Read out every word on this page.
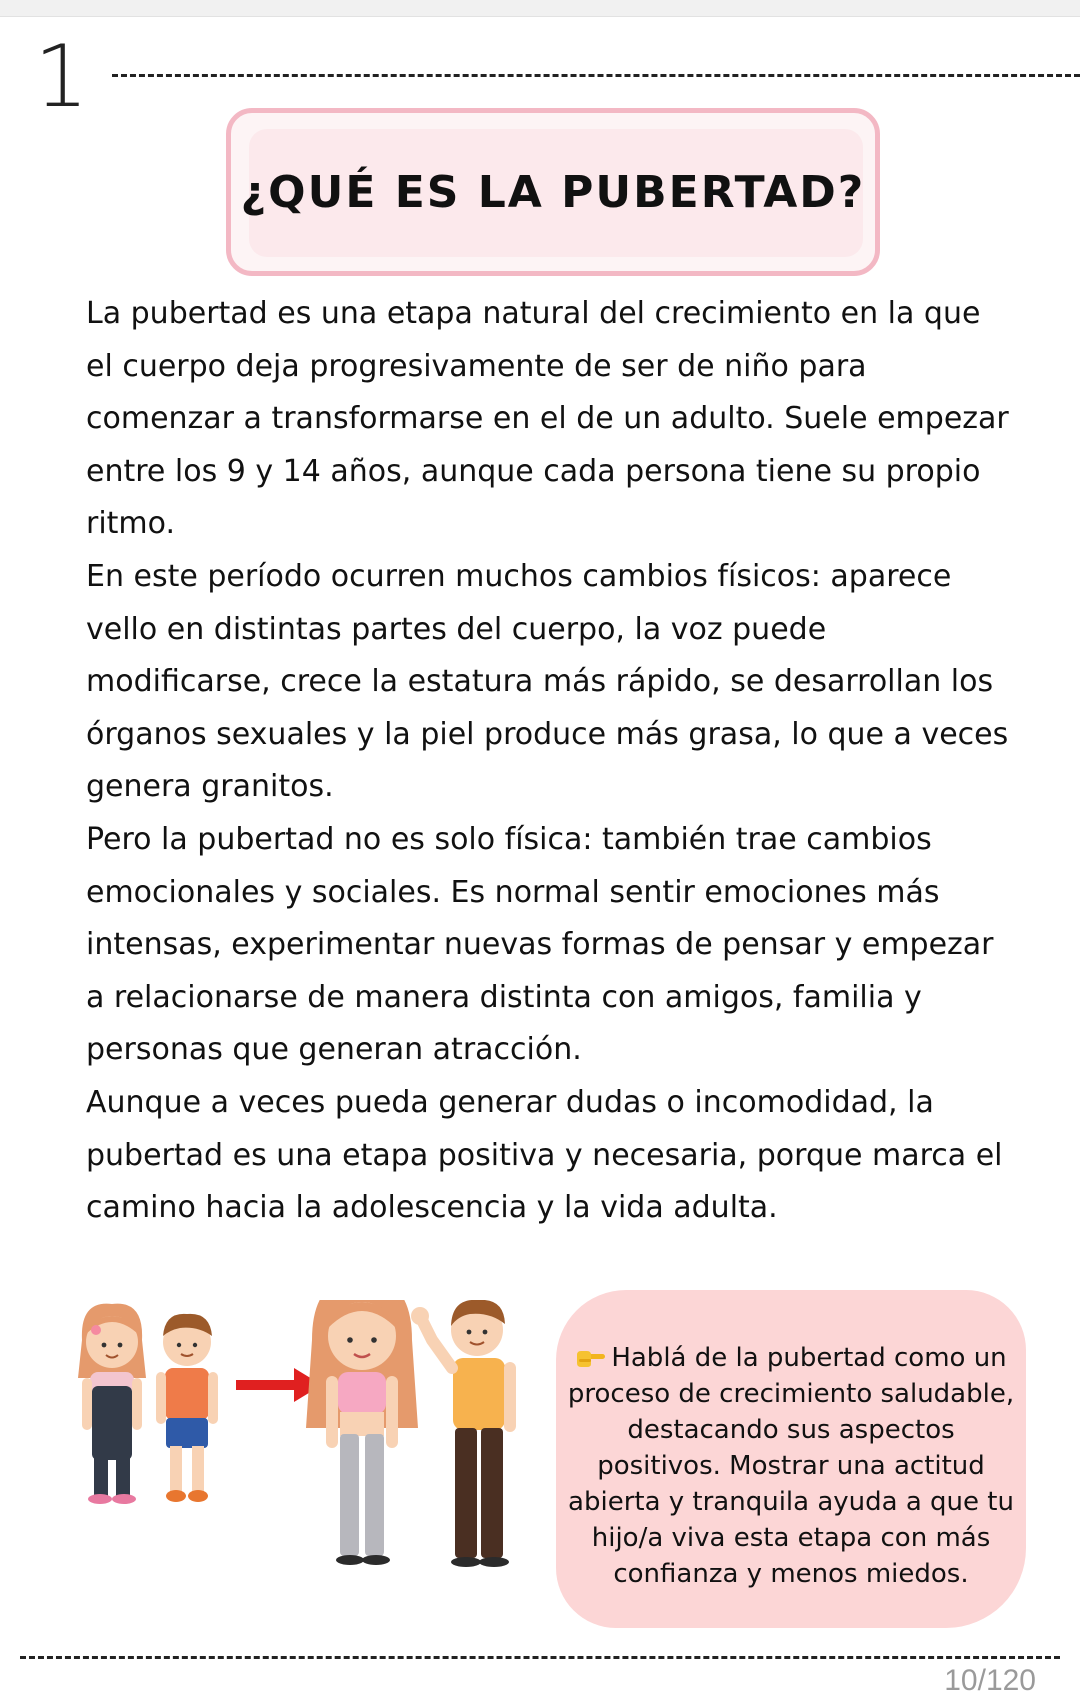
1
¿QUÉ ES LA PUBERTAD?

La pubertad es una etapa natural del crecimiento en la que el cuerpo deja progresivamente de ser de niño para comenzar a transformarse en el de un adulto. Suele empezar entre los 9 y 14 años, aunque cada persona tiene su propio ritmo.

En este período ocurren muchos cambios físicos: aparece vello en distintas partes del cuerpo, la voz puede modificarse, crece la estatura más rápido, se desarrollan los órganos sexuales y la piel produce más grasa, lo que a veces genera granitos.

Pero la pubertad no es solo física: también trae cambios emocionales y sociales. Es normal sentir emociones más intensas, experimentar nuevas formas de pensar y empezar a relacionarse de manera distinta con amigos, familia y personas que generan atracción.

Aunque a veces pueda generar dudas o incomodidad, la pubertad es una etapa positiva y necesaria, porque marca el camino hacia la adolescencia y la vida adulta.

Hablá de la pubertad como un proceso de crecimiento saludable, destacando sus aspectos positivos. Mostrar una actitud abierta y tranquila ayuda a que tu hijo/a viva esta etapa con más confianza y menos miedos.
10/120
